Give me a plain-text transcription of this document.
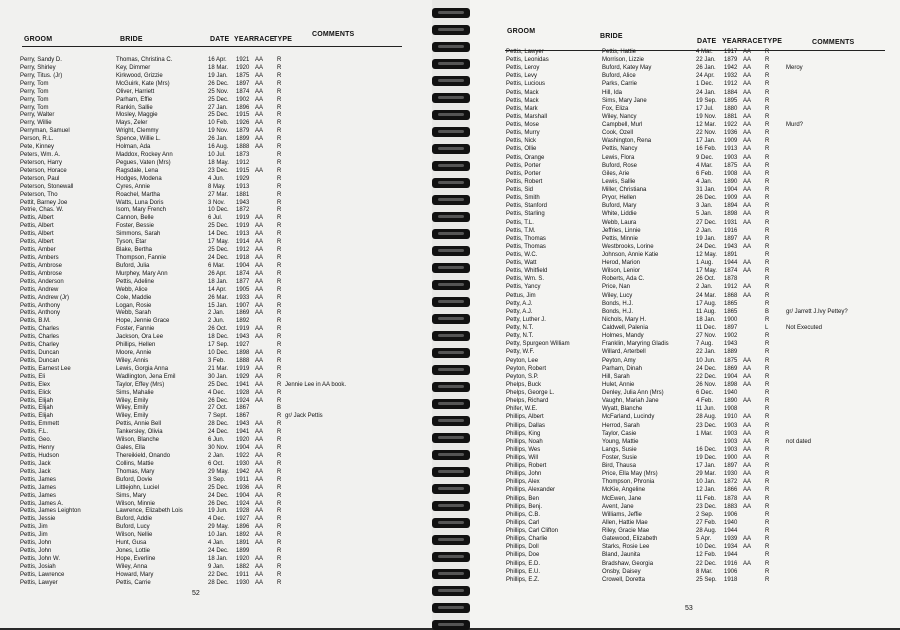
GROOM	BRIDE	DATE YEAR RACE
TYPE
COMMENTS
Perry, Sandy D.	Thomas, Christina C.	16 Apr.	1921 AA	R
Perry, Shirley	Key, Dimmer	18 Mar.	1920 AA	R
Perry, Titus. (Jr)	Kirkwood, Grizzie	19 Jan.	1875 AA	R
Perry, Tom	McGuirk, Kate (Mrs)	26 Dec.	1897 AA	R
Perry, Tom	Oliver, Harriett	25 Nov.	1874 AA	R
Perry, Tom	Parham, Effie	25 Dec.	1902 AA	R
Perry, Tom	Rankin, Sallie	27 Jan.	1896 AA	R
Perry, Walter	Mosley, Maggie	25 Dec.	1915 AA	R
Perry, Willie	Mays, Zeler	10 Feb.	1926 AA	R
Perryman, Samuel	Wright, Clemmy	19 Nov.	1879 AA	R
Person, R.L.	Spence, Willie L.	26 Jan.	1899 AA	R
Pete, Kinney	Holman, Ada	16 Aug.	1888 AA	R
Peters, Wm. A.	Maddox, Rockey Ann	10 Jul.	1873	R
Peterson, Harry	Pegues, Vaten (Mrs)	18 May.	1912	R
Peterson, Horace	Ragsdale, Lena	23 Dec.	1915 AA	R
Peterson, Paul	Hodges, Modena	4 Jun.	1929	R
Peterson, Stonewall	Cyres, Annie	8 May.	1913	R
Peterson, Tho	Roachel, Martha	27 Mar.	1881	R
Pettit, Barney Joe	Watts, Luna Doris	3 Nov.	1943	R
Petrie, Chas. W.	Isom, Mary French	10 Dec.	1872	R
Pettis, Albert	Cannon, Belle	6 Jul.	1919 AA	R
Pettis, Albert	Foster, Bessie	25 Dec.	1919 AA	R
Pettis, Albert	Simmons, Sarah	14 Dec.	1913 AA	R
Pettis, Albert	Tyson, Etar	17 May.	1914 AA	R
Pettis, Amber	Blake, Bertha	25 Dec.	1912 AA	R
Pettis, Ambers	Thompson, Fannie	24 Dec.	1918 AA	R
Pettis, Ambrose	Buford, Julia	6 Mar.	1904 AA	R
Pettis, Ambrose	Murphey, Mary Ann	26 Apr.	1874 AA	R
Pettis, Anderson	Pettis, Adeline	18 Jan.	1877 AA	R
Pettis, Andrew	Webb, Alice	14 Apr.	1905 AA	R
Pettis, Andrew (Jr)	Cole, Maddie	26 Mar.	1933 AA	R
Pettis, Anthony	Logan, Rosie	15 Jan.	1907 AA	R
Pettis, Anthony	Webb, Sarah	2 Jan.	1869 AA	R
Pettis, B.M.	Hope, Jennie Grace	2 Jun.	1892	R
Pettis, Charles	Foster, Fannie	26 Oct.	1919 AA	R
Pettis, Charles	Jackson, Ora Lee	18 Dec.	1943 AA	R
Pettis, Charley	Phillips, Hellen	17 Sep.	1927	R
Pettis, Duncan	Moore, Annie	10 Dec.	1898 AA	R
Pettis, Duncan	Wiley, Annis	3 Feb.	1888 AA	R
Pettis, Earnest Lee	Lewis, Gorgia Anna	21 Mar.	1919 AA	R
Pettis, Eli	Wadlington, Jena Emil	30 Jan.	1929 AA	R
Pettis, Elex	Taylor, Effey (Mrs)	25 Dec.	1941 AA	R Jennie Lee in AA book.
Pettis, Elick	Sims, Mahalie	4 Dec.	1928 AA	R
Pettis, Elijah	Wiley, Emily	26 Dec.	1924 AA	R
Pettis, Elijah	Wiley, Emily	27 Oct.	1867	B
Pettis, Elijah	Wiley, Emily	7 Sept.	1867	R gr/ Jack Pettis
Pettis, Emmett	Pettis, Annie Bell	28 Dec.	1943 AA	R
Pettis, F.L.	Tankersley, Olivia	24 Dec.	1941 AA	R
Pettis, Geo.	Wilson, Blanche	6 Jun.	1920 AA	R
Pettis, Henry	Gales, Ella	30 Nov.	1904 AA	R
Pettis, Hudson	Thereikield, Onando	2 Jan.	1922 AA	R
Pettis, Jack	Collins, Mattie	6 Oct.	1930 AA	R
Pettis, Jack	Thomas, Mary	29 May.	1942 AA	R
Pettis, James	Buford, Dovie	3 Sep.	1911	AA	R
Pettis, James	Littlejohn, Luciel	25 Dec.	1936 AA	R
Pettis, James	Sims, Mary	24 Dec.	1904 AA	R
Pettis, James A.	Wilson, Minnie	26 Dec.	1924 AA	R
Pettis, James Leighton	Lawrence, Elizabeth Lois	19 Jun.	1928 AA	R
Pettis, Jessie	Buford, Addie	4 Dec.	1927 AA	R
Pettis, Jim	Buford, Lucy	29 May.	1896 AA	R
Pettis, Jim	Wilson, Nellie	10 Jan.	1892 AA	R
Pettis, John	Hunt, Gusa	4 Jan.	1891 AA	R
Pettis, John	Jones, Lottie	24 Dec.	1899	R
Pettis, John W.	Hope, Everline	18 Jan.	1920 AA	R
Pettis, Josiah	Wiley, Anna	9 Jan.	1882 AA	R
Pettis, Lawrence	Howard, Mary	22 Dec.	1911	AA	R
Pettis, Lawyer	Pettis, Carrie	28 Dec.	1930 AA	R
52
GROOM
BRIDE
DATE YEAR RACE TYPE	COMMENTS
Pettis, Lawyer	Pettis, Hattie	4 Mar.	1917 AA	R
Pettis, Leonidas	Morrison, Lizzie	22 Jan.	1879 AA	R
Pettis, Leroy	Buford, Katey May	26 Jan.	1942 AA	R	Meroy
Pettis, Levy	Buford, Alice	24 Apr.	1932 AA	R
Pettis, Lucious	Parks, Carrie	1 Dec.	1912 AA	R
Pettis, Mack	Hill, Ida	24 Jan.	1884 AA	R
Pettis, Mack	Sims, Mary Jane	19 Sep.	1895 AA	R
Pettis, Mark	Fox, Eliza	17 Jul.	1880 AA	R
Pettis, Marshall	Wiley, Nancy	19 Nov.	1881 AA	R
Pettis, Mose	Campbell, Murl	12 Mar.	1922 AA	R	Murd?
Pettis, Murry	Cook, Ozell	22 Nov.	1936 AA	R
Pettis, Nick	Washington, Rena	17 Jan.	1909 AA	R
Pettis, Ollie	Pettis, Nancy	16 Feb.	1913 AA	R
Pettis, Orange	Lewis, Flora	9 Dec.	1903 AA	R
Pettis, Porter	Buford, Rose	4 Mar.	1875 AA	R
Pettis, Porter	Giles, Arie	6 Feb.	1908 AA	R
Pettis, Robert	Lewis, Sallie	4 Jan.	1890 AA	R
Pettis, Sid	Miller, Christiana	31 Jan.	1904 AA	R
Pettis, Smith	Pryor, Hellen	26 Dec.	1909 AA	R
Pettis, Stanford	Buford, Mary	3 Jan.	1894 AA	R
Pettis, Starling	White, Liddie	5 Jan.	1898 AA	R
Pettis, T.L.	Webb, Laura	27 Dec.	1931 AA	R
Pettis, T.M.	Jeffries, Linnie	2 Jan.	1916	R
Pettis, Thomas	Pettis, Minnie	19 Jan.	1897 AA	R
Pettis, Thomas	Westbrooks, Lorine	24 Dec.	1943 AA	R
Pettis, W.C.	Johnson, Annie Katie	12 May.	1891	R
Pettis, Watt	Herod, Marion	1 Aug.	1944 AA	R
Pettis, Whitfield	Wilson, Lenior	17 May.	1874 AA	R
Pettis, Wm. S.	Roberts, Ada C.	26 Oct.	1878	R
Pettis, Yancy	Price, Nan	2 Jan.	1912 AA	R
Pettus, Jim	Wiley, Lucy	24 Mar.	1868 AA	R
Petty, A.J.	Bonds, H.J.	17 Aug.	1865	R
Petty, A.J.	Bonds, H.J.	11 Aug.	1865	B	gr/ Jarrett J.Ivy Pettey?
Petty, Luther J.	Nichols, Mary H.	18 Jan.	1900	R
Petty, N.T.	Caldwell, Palenia	11 Dec.	1897	L	Not Executed
Petty, N.T.	Holmes, Mandy	27 Nov.	1902	R
Petty, Spurgeon William	Franklin, Maryring Gladis	7 Aug.	1943	R
Petty, W.F.	Willard, Arterbell	22 Jan.	1889	R
Peyton, Lee	Peyton, Amy	10 Jun.	1875 AA	R
Peyton, Robert	Parham, Dinah	24 Dec.	1869 AA	R
Peyton, S.P.	Hill, Sarah	22 Dec.	1904 AA	R
Phelps, Buck	Hulet, Annie	26 Nov.	1898 AA	R
Phelps, George L.	Denley, Julia Ann (Mrs)	6 Dec.	1940	R
Phelps, Richard	Vaughn, Mariah Jane	4 Feb.	1890 AA	R
Phifer, W.E.	Wyatt, Blanche	11 Jun.	1908	R
Phillips, Albert	McFarland, Lucindy	28 Aug.	1910 AA	R
Phillips, Dallas	Herrod, Sarah	23 Dec.	1903 AA	R
Phillips, King	Taylor, Casie	1 Mar.	1903 AA	R
Phillips, Noah	Young, Mattie	1903 AA	R	not dated
Phillips, Wes	Langs, Susie	16 Dec.	1903 AA	R
Phillips, Will	Foster, Susie	19 Dec.	1900 AA	R
Phillips, Robert	Bird, Thausa	17 Jan.	1897 AA	R
Phillips, John	Price, Ella May (Mrs)	29 Mar.	1930 AA	R
Phillips, Alex	Thompson, Phronia	10 Jan.	1872 AA	R
Phillips, Alexander	McKie, Angeline	12 Jan.	1866 AA	R
Phillips, Ben	McEwen, Jane	11 Feb.	1878 AA	R
Phillips, Benj.	Avent, Jane	23 Dec.	1883 AA	R
Phillips, C.B.	Williams, Jeffie	2 Sep.	1906	R
Phillips, Carl	Allen, Hattie Mae	27 Feb.	1940	R
Phillips, Carl Clifton	Riley, Gracie Mae	28 Aug.	1944	R
Phillips, Charlie	Gatewood, Elizabeth	5 Apr.	1939 AA	R
Phillips, Doll	Starks, Rosie Lee	10 Dec.	1934 AA	R
Phillips, Doe	Bland, Jaunita	12 Feb.	1944	R
Phillips, E.D.	Bradshaw, Georgia	22 Dec.	1916 AA	R
Phillips, E.U.	Onsby, Daisey	8 Mar.	1906	R
Phillips, E.Z.	Crowell, Doretta	25 Sep.	1918	R
53
